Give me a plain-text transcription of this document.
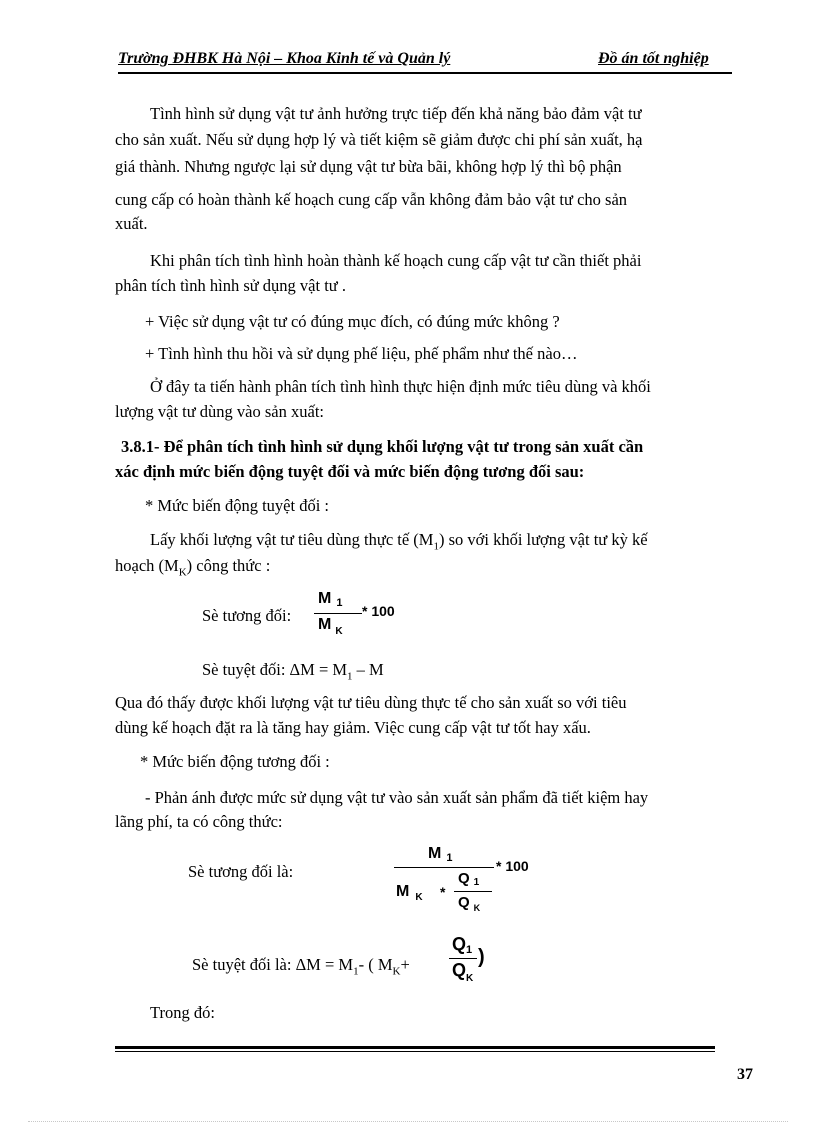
Trường ĐHBK Hà Nội – Khoa Kinh tế và Quản lý	Đồ án tốt nghiệp
Tình hình sử dụng vật tư ảnh hưởng trực tiếp đến khả năng bảo đảm vật tư
cho sản xuất. Nếu sử dụng hợp lý và tiết kiệm sẽ giảm được chi phí sản xuất, hạ
giá thành. Nhưng ngược lại sử dụng vật tư bừa bãi, không hợp lý thì bộ phận
cung cấp có hoàn thành kế hoạch cung cấp vẫn không đảm bảo vật tư cho sản
xuất.
Khi phân tích tình hình hoàn thành kế hoạch cung cấp vật tư cần thiết phải
phân tích tình hình sử dụng vật tư .
+ Việc sử dụng vật tư có đúng mục đích, có đúng mức không ?
+ Tình hình thu hồi và sử dụng phế liệu, phế phẩm như thế nào…
Ở đây ta tiến hành phân tích tình hình thực hiện định mức tiêu dùng và khối
lượng vật tư dùng vào sản xuất:
3.8.1- Để phân tích tình hình sử dụng khối lượng vật tư trong sản xuất cần
xác định mức biến động tuyệt đối và mức biến động tương đối sau:
* Mức biến động tuyệt đối :
Lấy khối lượng vật tư tiêu dùng thực tế $(M_1)$ so với khối lượng vật tư kỳ kế
hoạch $(M_K)$ công thức :
Sè tương đối:
M 1
M $_K$
* 100
Sè tuyệt đối: $\Delta M = M_1 - M$
Qua đó thấy được khối lượng vật tư tiêu dùng thực tế cho sản xuất so với tiêu
dùng kế hoạch đặt ra là tăng hay giảm. Việc cung cấp vật tư tốt hay xấu.
* Mức biến động tương đối :
- Phản ánh được mức sử dụng vật tư vào sản xuất sản phẩm đã tiết kiệm hay
lãng phí, ta có công thức:
Sè tương đối là:
M 1
M $_K$ *
Q 1
Q $_K$
* 100
Sè tuyệt đối là: $\Delta M = M_1-$ ( $M_K+$
Q1
$Q_K$
)
Trong đó:
37
